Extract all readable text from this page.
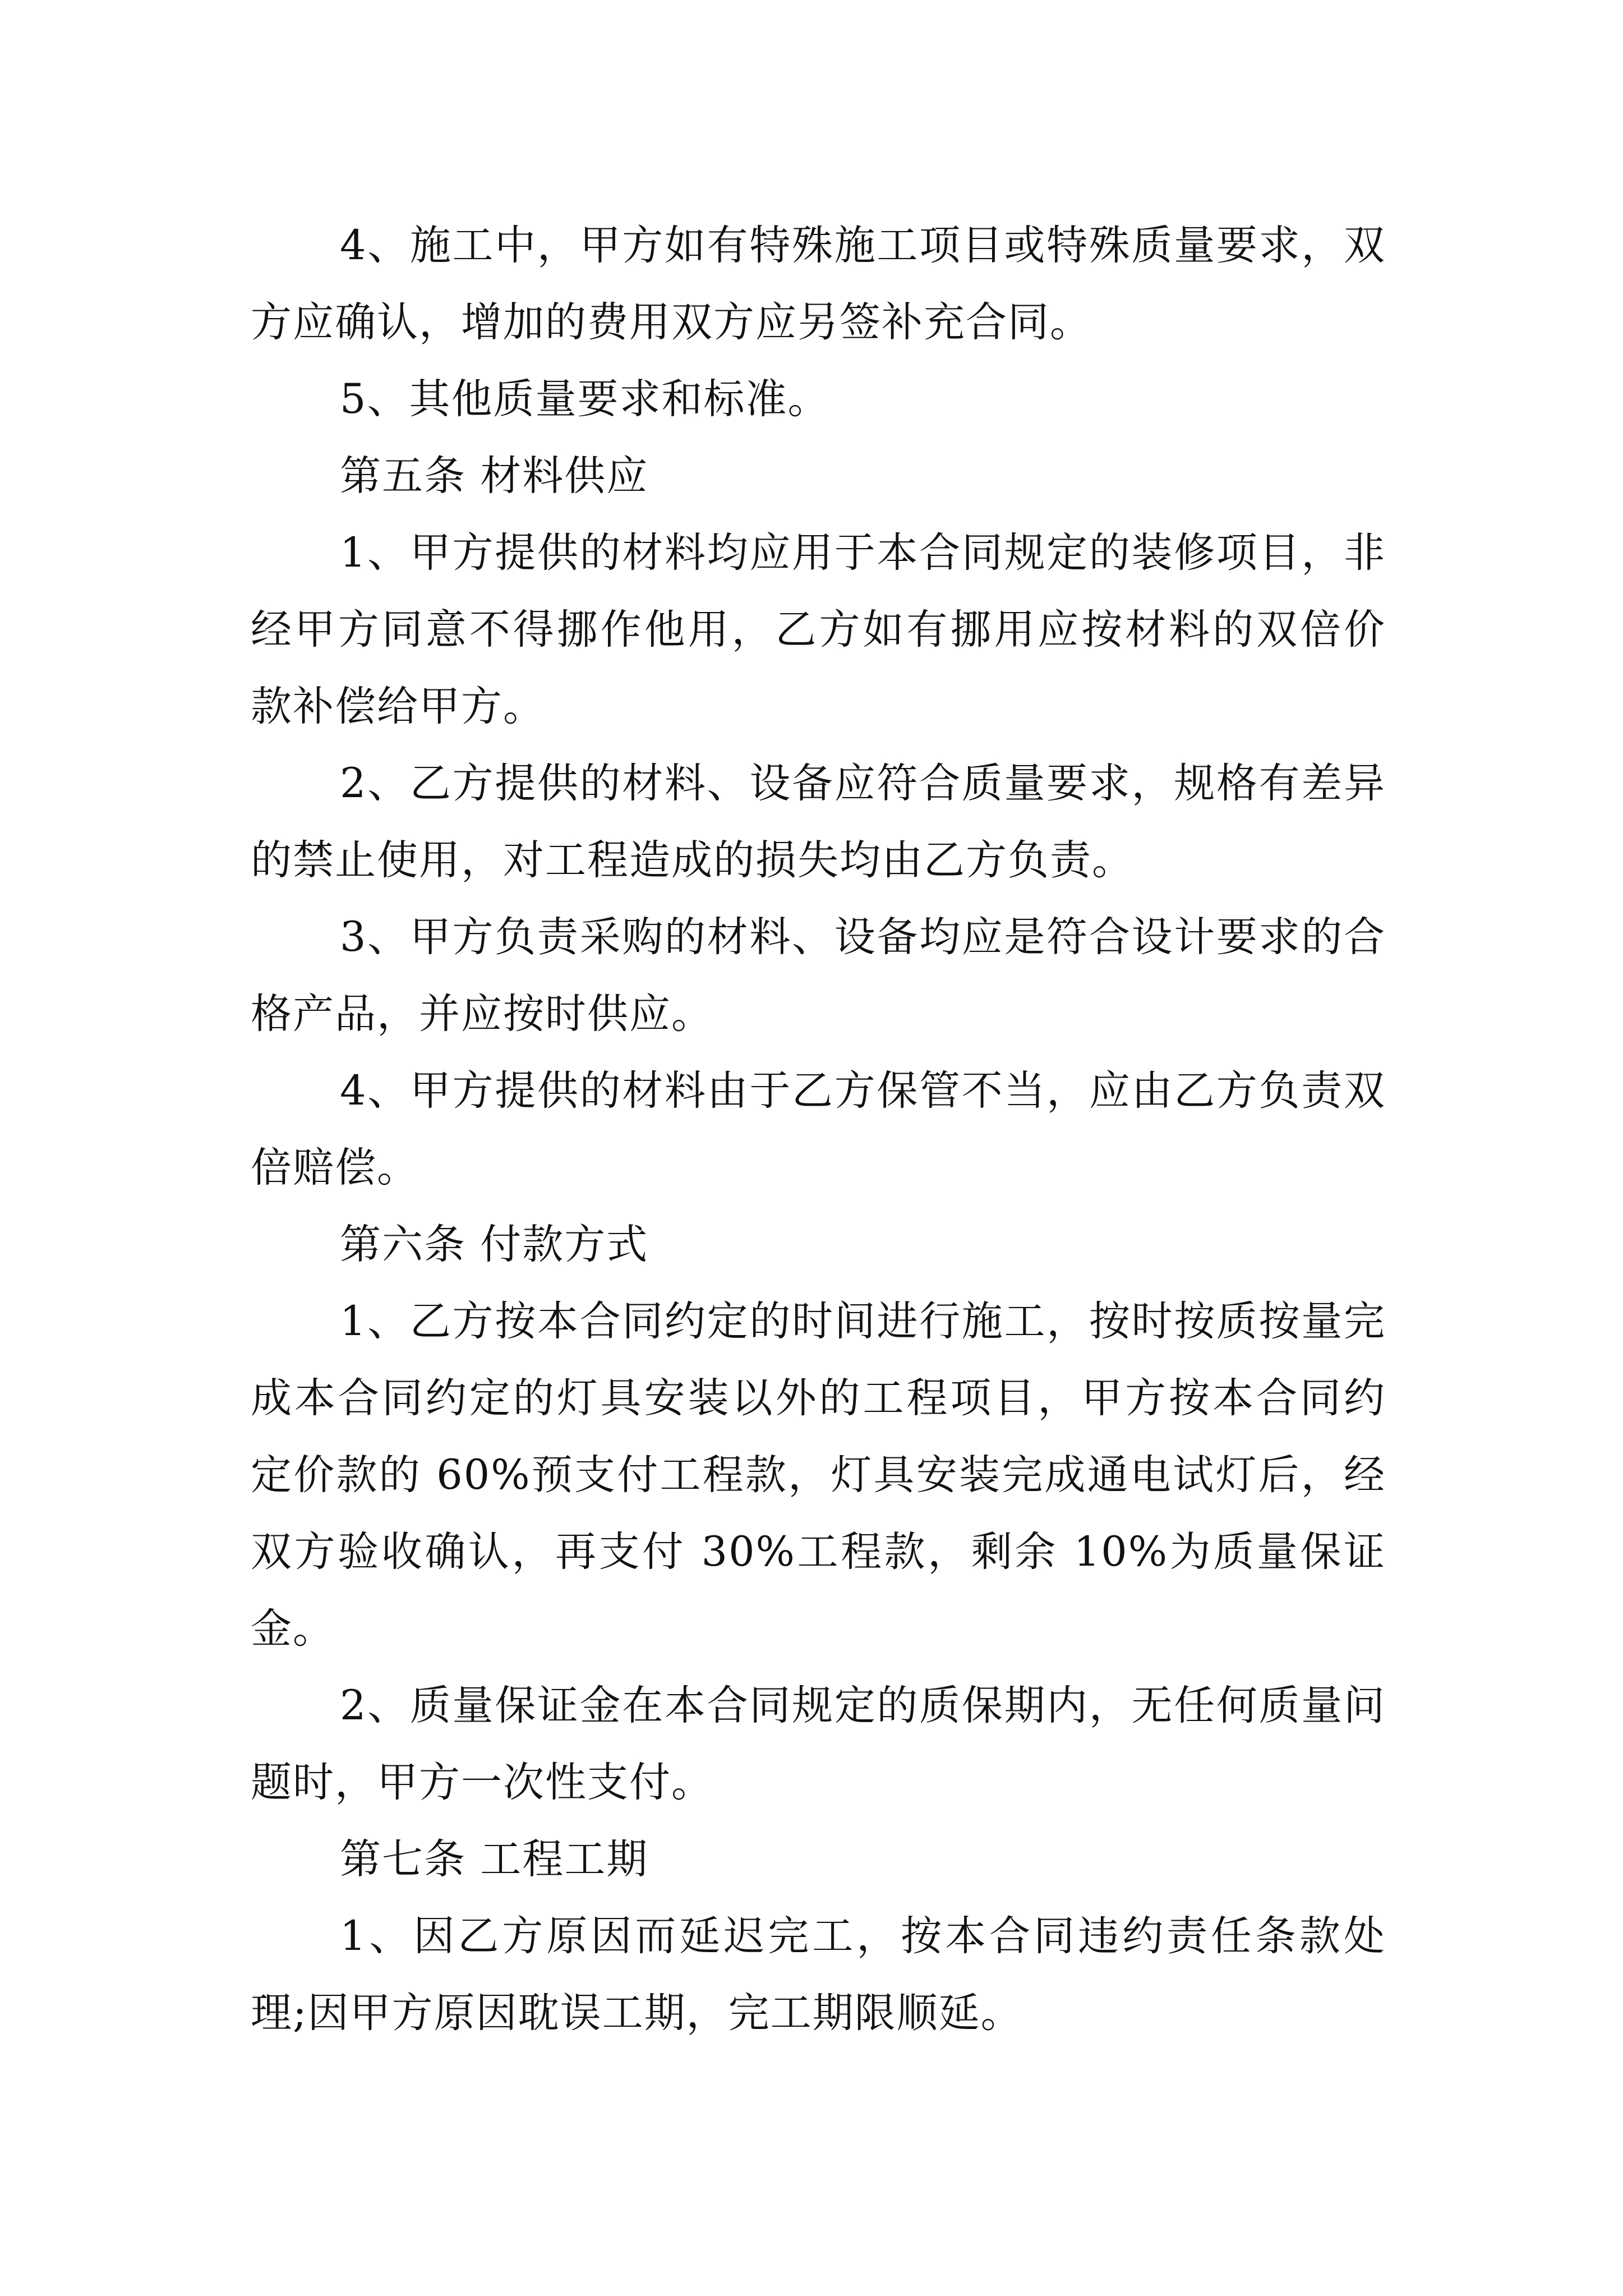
4、施工中，甲方如有特殊施工项目或特殊质量要求，双方应确认，增加的费用双方应另签补充合同。

5、其他质量要求和标准。

第五条 材料供应

1、甲方提供的材料均应用于本合同规定的装修项目，非经甲方同意不得挪作他用，乙方如有挪用应按材料的双倍价款补偿给甲方。

2、乙方提供的材料、设备应符合质量要求，规格有差异的禁止使用，对工程造成的损失均由乙方负责。

3、甲方负责采购的材料、设备均应是符合设计要求的合格产品，并应按时供应。

4、甲方提供的材料由于乙方保管不当，应由乙方负责双倍赔偿。

第六条 付款方式

1、乙方按本合同约定的时间进行施工，按时按质按量完成本合同约定的灯具安装以外的工程项目，甲方按本合同约定价款的 60%预支付工程款，灯具安装完成通电试灯后，经双方验收确认，再支付 30%工程款，剩余 10%为质量保证金。

2、质量保证金在本合同规定的质保期内，无任何质量问题时，甲方一次性支付。

第七条 工程工期

1、因乙方原因而延迟完工，按本合同违约责任条款处理;因甲方原因耽误工期，完工期限顺延。
